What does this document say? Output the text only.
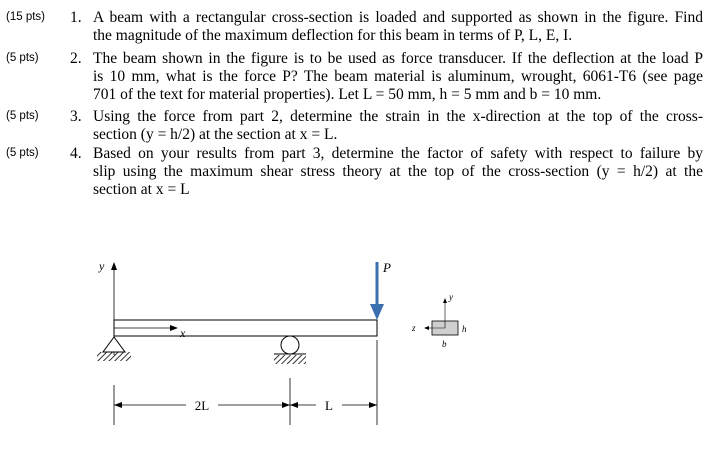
(15 pts) 1. A beam with a rectangular cross-section is loaded and supported as shown in the figure. Find
the magnitude of the maximum deflection for this beam in terms of P, L, E, I.
(5 pts) 2. The beam shown in the figure is to be used as force transducer. If the deflection at the load P
is 10 mm, what is the force P? The beam material is aluminum, wrought, 6061-T6 (see page
701 of the text for material properties). Let L = 50 mm, h = 5 mm and b = 10 mm.
(5 pts) 3. Using the force from part 2, determine the strain in the x-direction at the top of the cross-
section (y = h/2) at the section at x = L.
(5 pts) 4. Based on your results from part 3, determine the factor of safety with respect to failure by
slip using the maximum shear stress theory at the top of the cross-section (y = h/2) at the
section at x = L
y
x
P
2L	L
y
z	h
b
